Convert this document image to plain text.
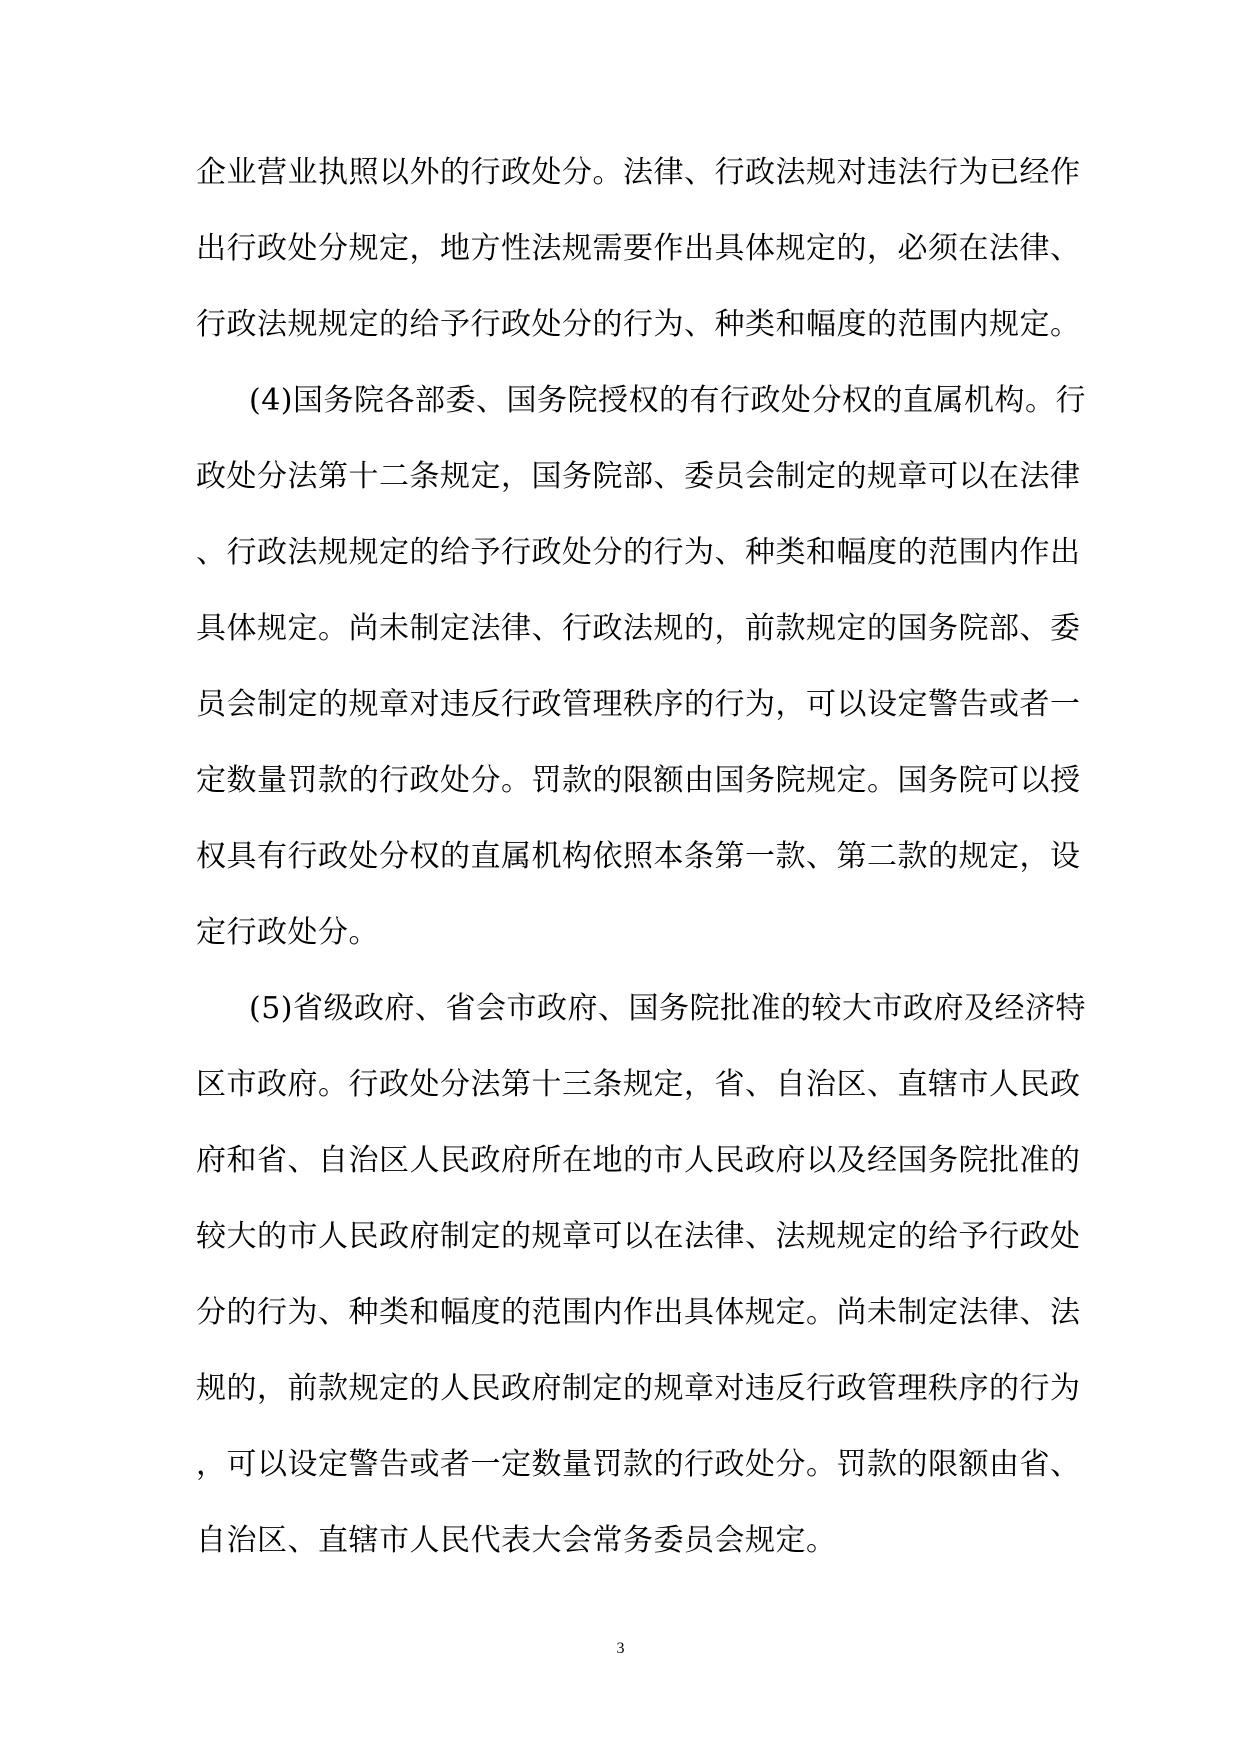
企业营业执照以外的行政处分。法律、行政法规对违法行为已经作
出行政处分规定，地方性法规需要作出具体规定的，必须在法律、
行政法规规定的给予行政处分的行为、种类和幅度的范围内规定。
(4)国务院各部委、国务院授权的有行政处分权的直属机构。行
政处分法第十二条规定，国务院部、委员会制定的规章可以在法律
、行政法规规定的给予行政处分的行为、种类和幅度的范围内作出
具体规定。尚未制定法律、行政法规的，前款规定的国务院部、委
员会制定的规章对违反行政管理秩序的行为，可以设定警告或者一
定数量罚款的行政处分。罚款的限额由国务院规定。国务院可以授
权具有行政处分权的直属机构依照本条第一款、第二款的规定，设
定行政处分。
(5)省级政府、省会市政府、国务院批准的较大市政府及经济特
区市政府。行政处分法第十三条规定，省、自治区、直辖市人民政
府和省、自治区人民政府所在地的市人民政府以及经国务院批准的
较大的市人民政府制定的规章可以在法律、法规规定的给予行政处
分的行为、种类和幅度的范围内作出具体规定。尚未制定法律、法
规的，前款规定的人民政府制定的规章对违反行政管理秩序的行为
，可以设定警告或者一定数量罚款的行政处分。罚款的限额由省、
自治区、直辖市人民代表大会常务委员会规定。
3
